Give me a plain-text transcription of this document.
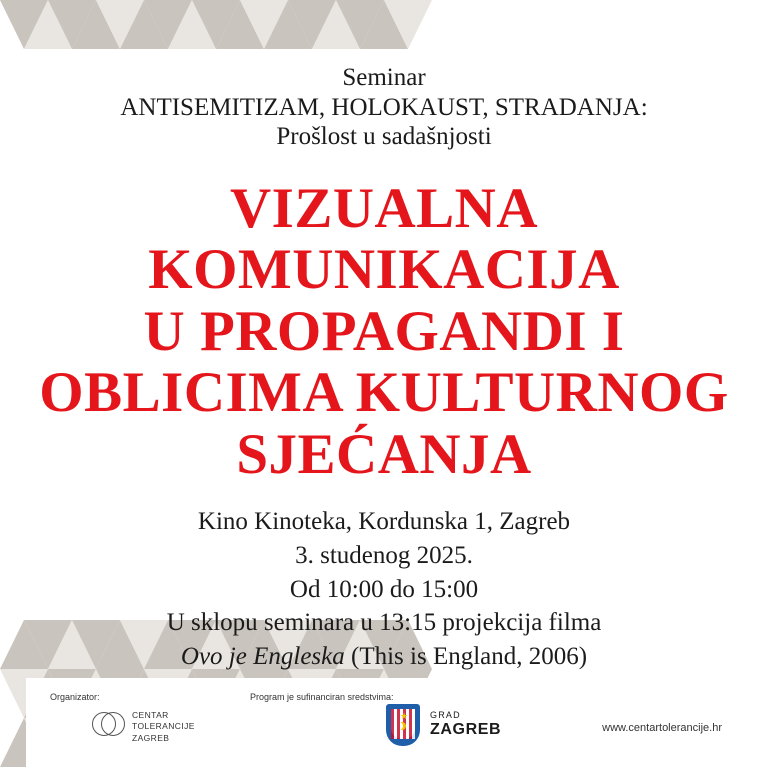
Seminar
ANTISEMITIZAM, HOLOKAUST, STRADANJA:
Prošlost u sadašnjosti
VIZUALNA
KOMUNIKACIJA
U PROPAGANDI I
OBLICIMA KULTURNOG
SJEĆANJA
Kino Kinoteka, Kordunska 1, Zagreb
3. studenog 2025.
Od 10:00 do 15:00
U sklopu seminara u 13:15 projekcija filma
Ovo je Engleska (This is England, 2006)
Organizator:	Program je sufinanciran sredstvima:
CENTAR
TOLERANCIJE
ZAGREB
★ GRAD
ZAGREB	www.centartolerancije.hr
